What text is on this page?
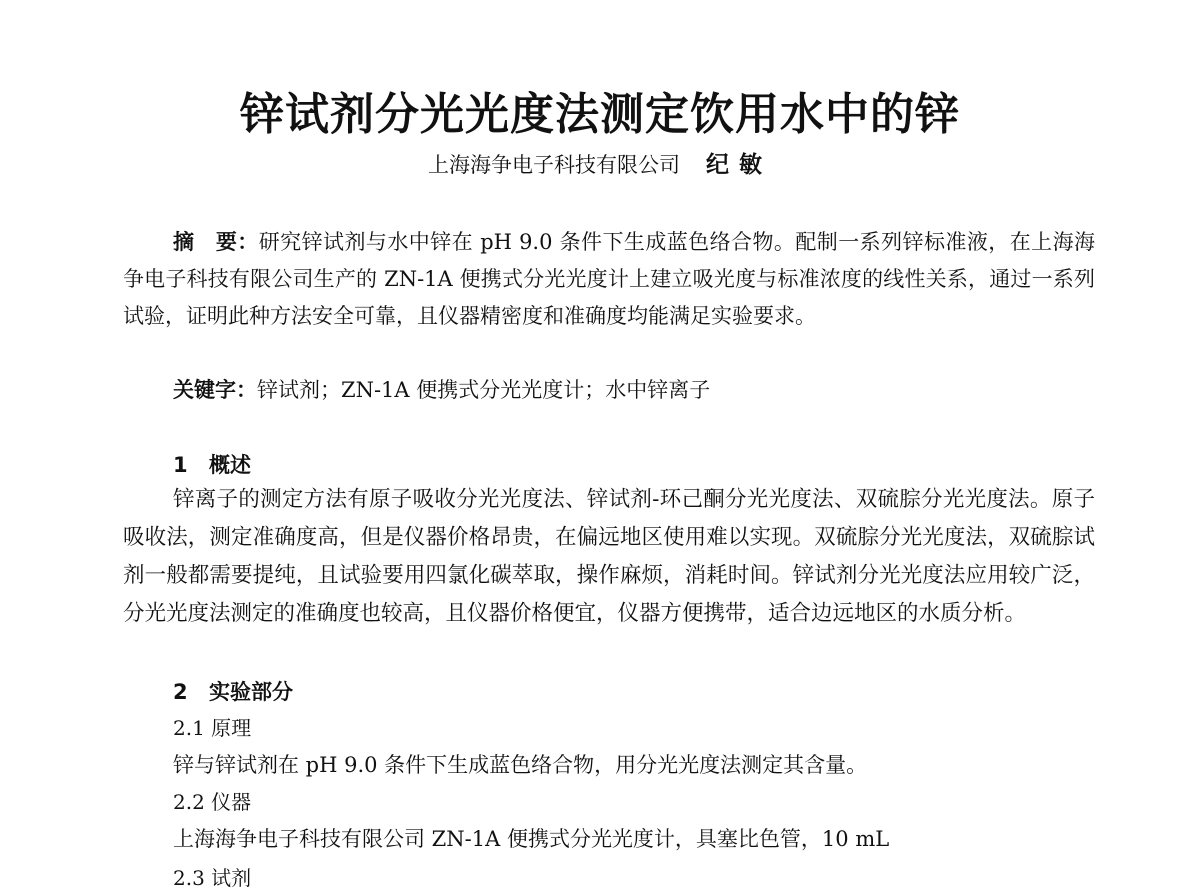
锌试剂分光光度法测定饮用水中的锌
上海海争电子科技有限公司 纪敏

摘　要：研究锌试剂与水中锌在 pH 9.0 条件下生成蓝色络合物。配制一系列锌标准液，在上海海争电子科技有限公司生产的 ZN-1A 便携式分光光度计上建立吸光度与标准浓度的线性关系，通过一系列试验，证明此种方法安全可靠，且仪器精密度和准确度均能满足实验要求。

关键字：锌试剂；ZN-1A 便携式分光光度计；水中锌离子
1 概述

锌离子的测定方法有原子吸收分光光度法、锌试剂-环己酮分光光度法、双硫腙分光光度法。原子吸收法，测定准确度高，但是仪器价格昂贵，在偏远地区使用难以实现。双硫腙分光光度法，双硫腙试剂一般都需要提纯，且试验要用四氯化碳萃取，操作麻烦，消耗时间。锌试剂分光光度法应用较广泛，分光光度法测定的准确度也较高，且仪器价格便宜，仪器方便携带，适合边远地区的水质分析。

2 实验部分
2.1 原理
锌与锌试剂在 pH 9.0 条件下生成蓝色络合物，用分光光度法测定其含量。
2.2 仪器
上海海争电子科技有限公司 ZN-1A 便携式分光光度计，具塞比色管，10 mL
2.3 试剂
